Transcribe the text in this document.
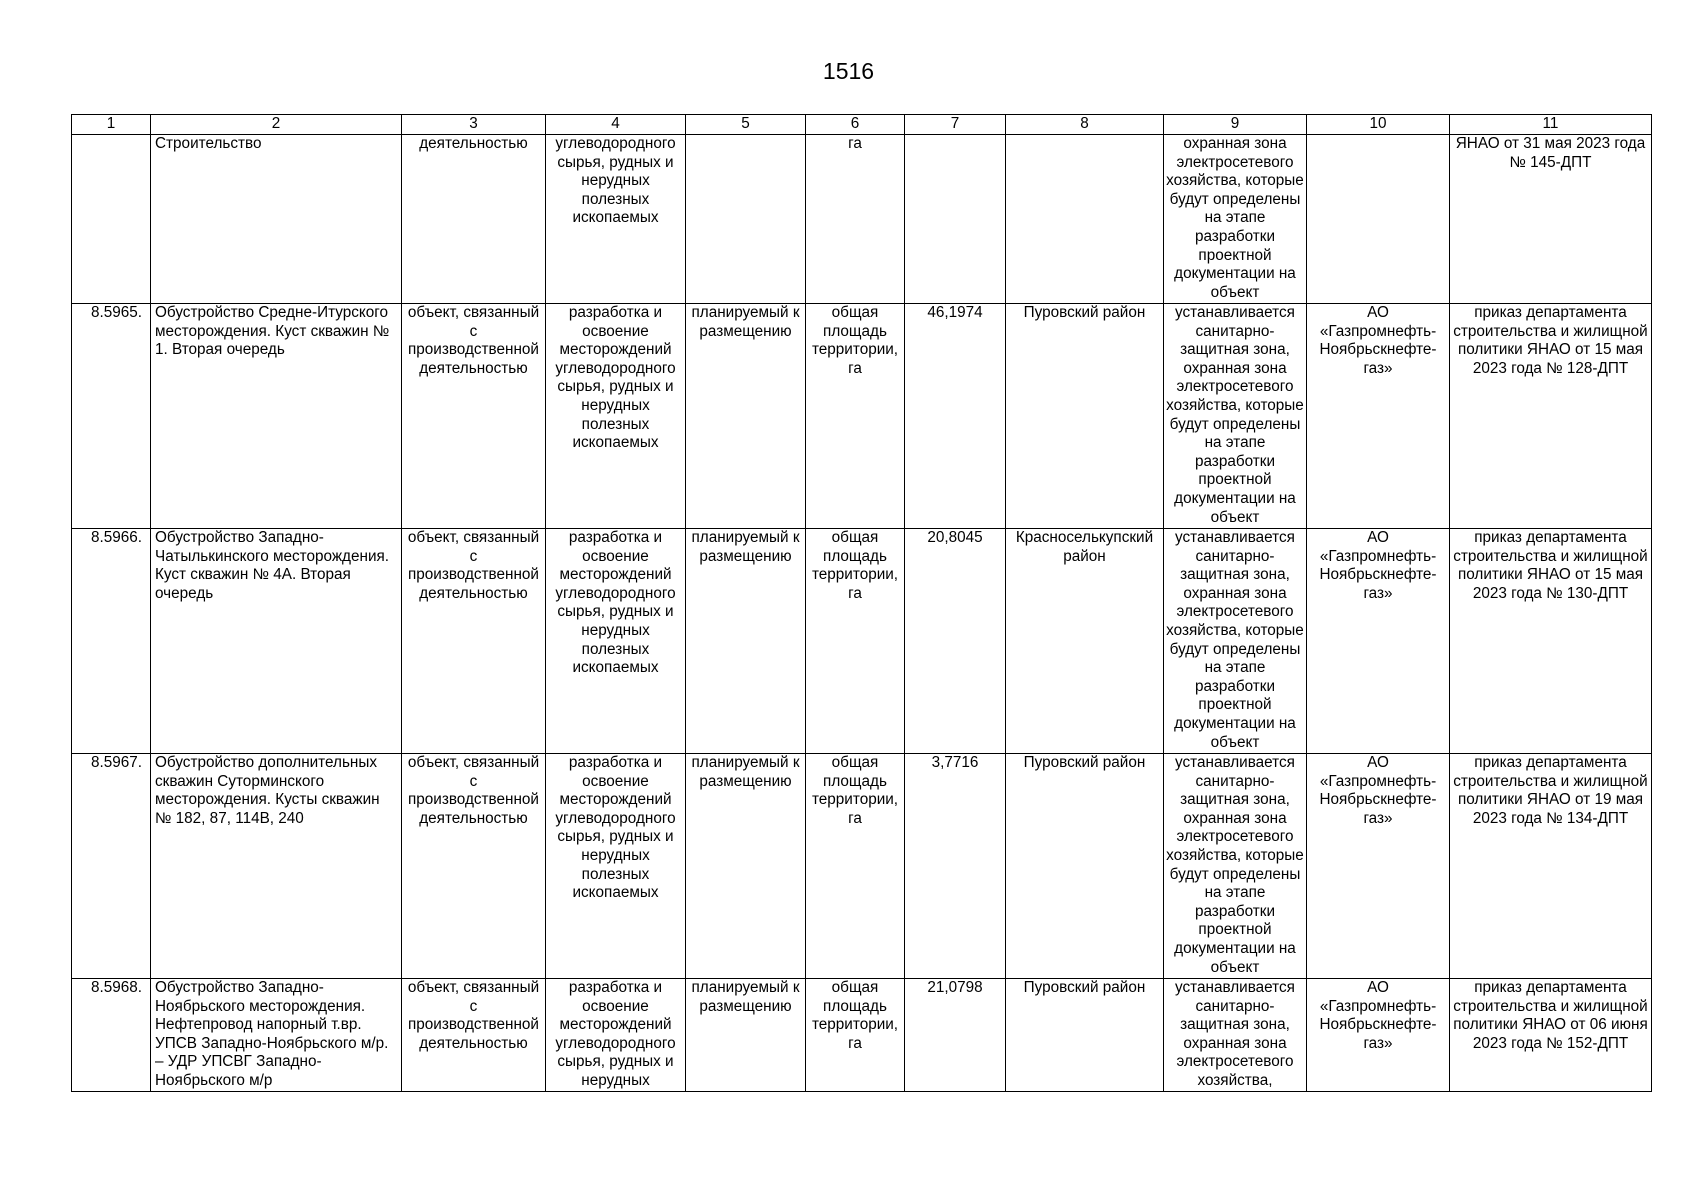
1516
1	2	3	4	5	6	7	8	9	10	11
	Строительство	деятельностью	углеводородного сырья, рудных и нерудных полезных ископаемых		га			охранная зона электросетевого хозяйства, которые будут определены на этапе разработки проектной документации на объект		ЯНАО от 31 мая 2023 года № 145-ДПТ
8.5965.	Обустройство Средне-Итурского месторождения. Куст скважин № 1. Вторая очередь	объект, связанный с производственной деятельностью	разработка и освоение месторождений углеводородного сырья, рудных и нерудных полезных ископаемых	планируемый к размещению	общая площадь территории, га	46,1974	Пуровский район	устанавливается санитарно-защитная зона, охранная зона электросетевого хозяйства, которые будут определены на этапе разработки проектной документации на объект	АО «Газпромнефть-Ноябрьскнефте-газ»	приказ департамента строительства и жилищной политики ЯНАО от 15 мая 2023 года № 128-ДПТ
8.5966.	Обустройство Западно-Чатылькинского месторождения. Куст скважин № 4А. Вторая очередь	объект, связанный с производственной деятельностью	разработка и освоение месторождений углеводородного сырья, рудных и нерудных полезных ископаемых	планируемый к размещению	общая площадь территории, га	20,8045	Красноселькупский район	устанавливается санитарно-защитная зона, охранная зона электросетевого хозяйства, которые будут определены на этапе разработки проектной документации на объект	АО «Газпромнефть-Ноябрьскнефте-газ»	приказ департамента строительства и жилищной политики ЯНАО от 15 мая 2023 года № 130-ДПТ
8.5967.	Обустройство дополнительных скважин Суторминского месторождения. Кусты скважин № 182, 87, 114В, 240	объект, связанный с производственной деятельностью	разработка и освоение месторождений углеводородного сырья, рудных и нерудных полезных ископаемых	планируемый к размещению	общая площадь территории, га	3,7716	Пуровский район	устанавливается санитарно-защитная зона, охранная зона электросетевого хозяйства, которые будут определены на этапе разработки проектной документации на объект	АО «Газпромнефть-Ноябрьскнефте-газ»	приказ департамента строительства и жилищной политики ЯНАО от 19 мая 2023 года № 134-ДПТ
8.5968.	Обустройство Западно-Ноябрьского месторождения. Нефтепровод напорный т.вр. УПСВ Западно-Ноябрьского м/р. – УДР УПСВГ Западно-Ноябрьского м/р	объект, связанный с производственной деятельностью	разработка и освоение месторождений углеводородного сырья, рудных и нерудных	планируемый к размещению	общая площадь территории, га	21,0798	Пуровский район	устанавливается санитарно-защитная зона, охранная зона электросетевого хозяйства,	АО «Газпромнефть-Ноябрьскнефте-газ»	приказ департамента строительства и жилищной политики ЯНАО от 06 июня 2023 года № 152-ДПТ
